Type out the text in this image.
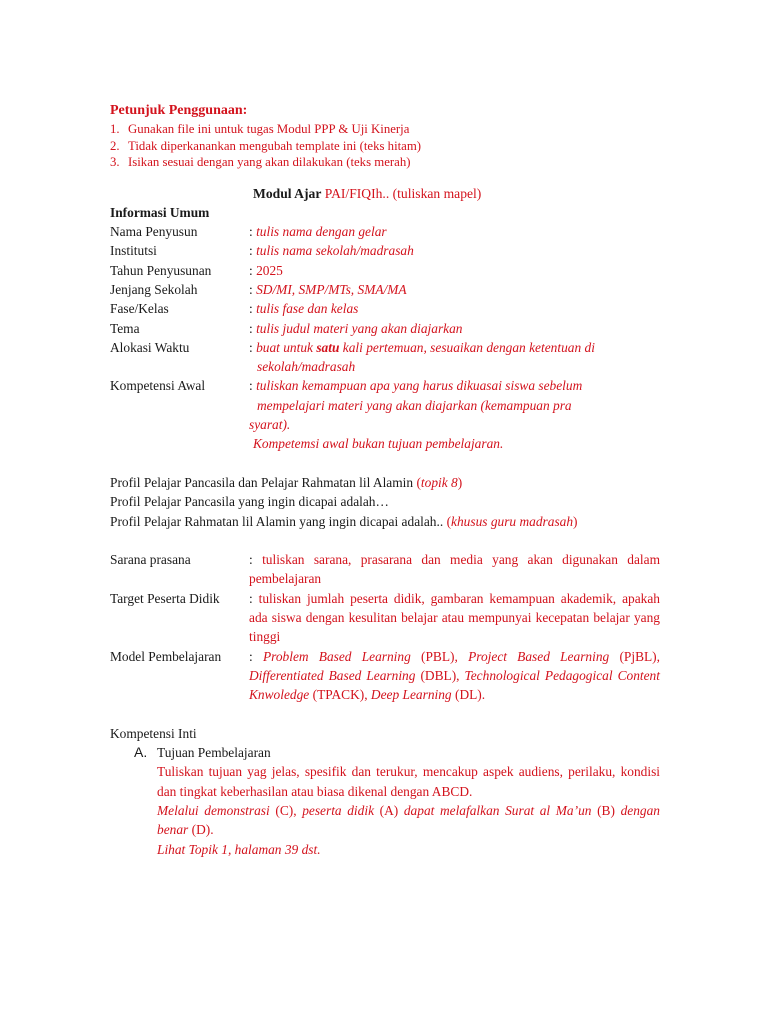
Petunjuk Penggunaan:
1. Gunakan file ini untuk tugas Modul PPP & Uji Kinerja
2. Tidak diperkanankan mengubah template ini (teks hitam)
3. Isikan sesuai dengan yang akan dilakukan (teks merah)
Modul Ajar PAI/FIQIh.. (tuliskan mapel)
Informasi Umum
Nama Penyusun	: tulis nama dengan gelar
Institutsi	: tulis nama sekolah/madrasah
Tahun Penyusunan	: 2025
Jenjang Sekolah	: SD/MI, SMP/MTs, SMA/MA
Fase/Kelas	: tulis fase dan kelas
Tema	: tulis judul materi yang akan diajarkan
Alokasi Waktu	: buat untuk satu kali pertemuan, sesuaikan dengan ketentuan di
sekolah/madrasah
Kompetensi Awal	: tuliskan kemampuan apa yang harus dikuasai siswa sebelum
mempelajari materi yang akan diajarkan (kemampuan pra
syarat).
Kompetemsi awal bukan tujuan pembelajaran.
Profil Pelajar Pancasila dan Pelajar Rahmatan lil Alamin (topik 8)
Profil Pelajar Pancasila yang ingin dicapai adalah…
Profil Pelajar Rahmatan lil Alamin yang ingin dicapai adalah.. (khusus guru madrasah)
Sarana prasana	: tuliskan sarana, prasarana dan media yang akan digunakan dalam pembelajaran

Target Peserta Didik	: tuliskan jumlah peserta didik, gambaran kemampuan akademik, apakah ada siswa dengan kesulitan belajar atau mempunyai kecepatan belajar yang tinggi

Model Pembelajaran	: Problem Based Learning (PBL), Project Based Learning (PjBL), Differentiated Based Learning (DBL), Technological Pedagogical Content Knwoledge (TPACK), Deep Learning (DL).

Kompetensi Inti
A. Tujuan Pembelajaran

Tuliskan tujuan yag jelas, spesifik dan terukur, mencakup aspek audiens, perilaku, kondisi dan tingkat keberhasilan atau biasa dikenal dengan ABCD.

Melalui demonstrasi (C), peserta didik (A) dapat melafalkan Surat al Ma’un (B) dengan benar (D).

Lihat Topik 1, halaman 39 dst.
